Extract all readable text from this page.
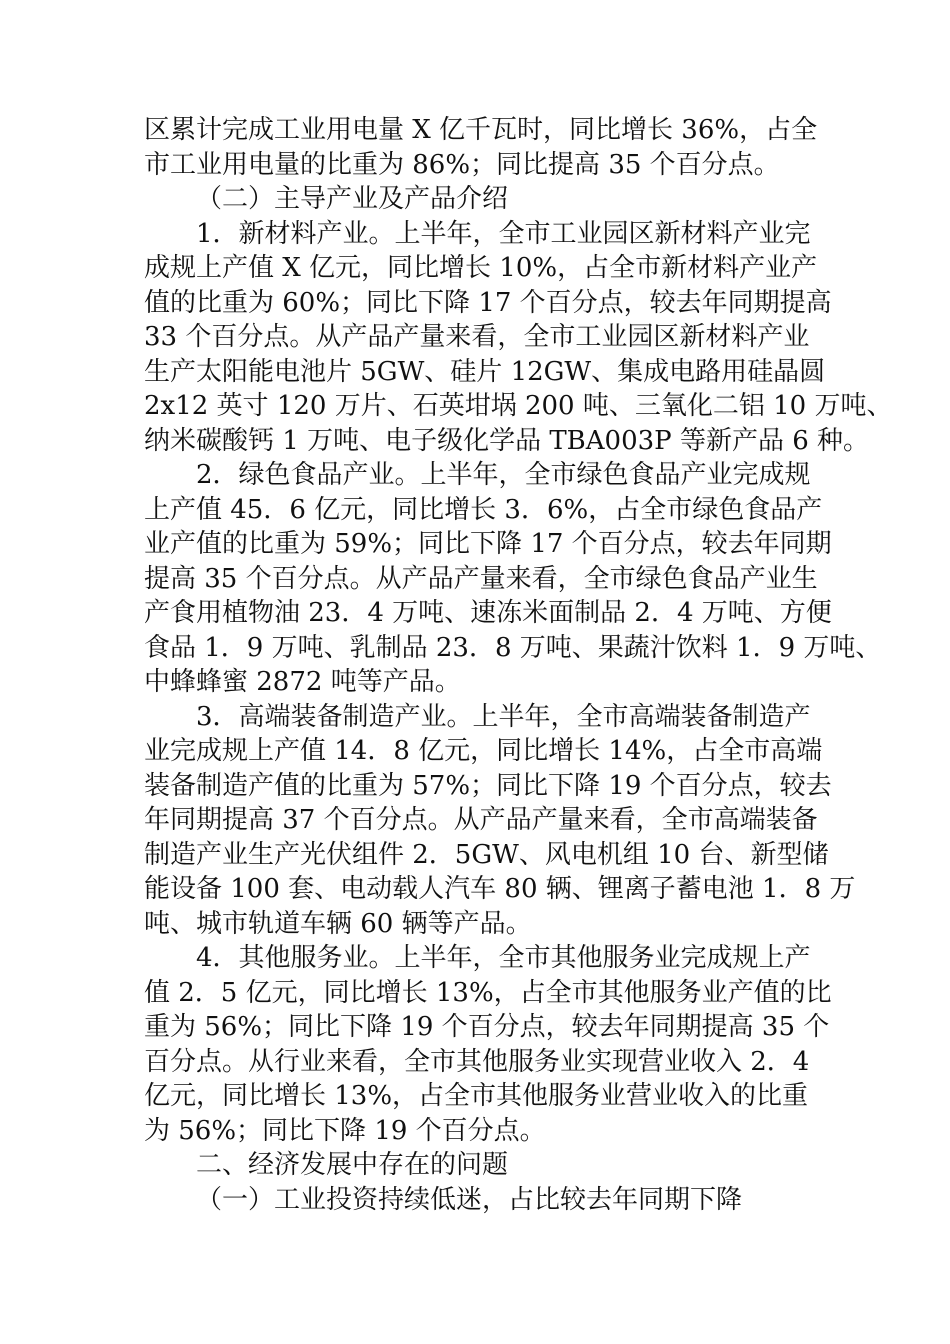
区累计完成工业用电量 X 亿千瓦时，同比增长 36%，占全
市工业用电量的比重为 86%；同比提高 35 个百分点。
（二）主导产业及产品介绍
1．新材料产业。上半年，全市工业园区新材料产业完
成规上产值 X 亿元，同比增长 10%，占全市新材料产业产
值的比重为 60%；同比下降 17 个百分点，较去年同期提高
33 个百分点。从产品产量来看，全市工业园区新材料产业
生产太阳能电池片 5GW、硅片 12GW、集成电路用硅晶圆
2x12 英寸 120 万片、石英坩埚 200 吨、三氧化二铝 10 万吨、
纳米碳酸钙 1 万吨、电子级化学品 TBA003P 等新产品 6 种。
2．绿色食品产业。上半年，全市绿色食品产业完成规
上产值 45．6 亿元，同比增长 3．6%，占全市绿色食品产
业产值的比重为 59%；同比下降 17 个百分点，较去年同期
提高 35 个百分点。从产品产量来看，全市绿色食品产业生
产食用植物油 23．4 万吨、速冻米面制品 2．4 万吨、方便
食品 1．9 万吨、乳制品 23．8 万吨、果蔬汁饮料 1．9 万吨、
中蜂蜂蜜 2872 吨等产品。
3．高端装备制造产业。上半年，全市高端装备制造产
业完成规上产值 14．8 亿元，同比增长 14%，占全市高端
装备制造产值的比重为 57%；同比下降 19 个百分点，较去
年同期提高 37 个百分点。从产品产量来看，全市高端装备
制造产业生产光伏组件 2．5GW、风电机组 10 台、新型储
能设备 100 套、电动载人汽车 80 辆、锂离子蓄电池 1．8 万
吨、城市轨道车辆 60 辆等产品。
4．其他服务业。上半年，全市其他服务业完成规上产
值 2．5 亿元，同比增长 13%，占全市其他服务业产值的比
重为 56%；同比下降 19 个百分点，较去年同期提高 35 个
百分点。从行业来看，全市其他服务业实现营业收入 2．4
亿元，同比增长 13%，占全市其他服务业营业收入的比重
为 56%；同比下降 19 个百分点。
二、经济发展中存在的问题
（一）工业投资持续低迷，占比较去年同期下降
